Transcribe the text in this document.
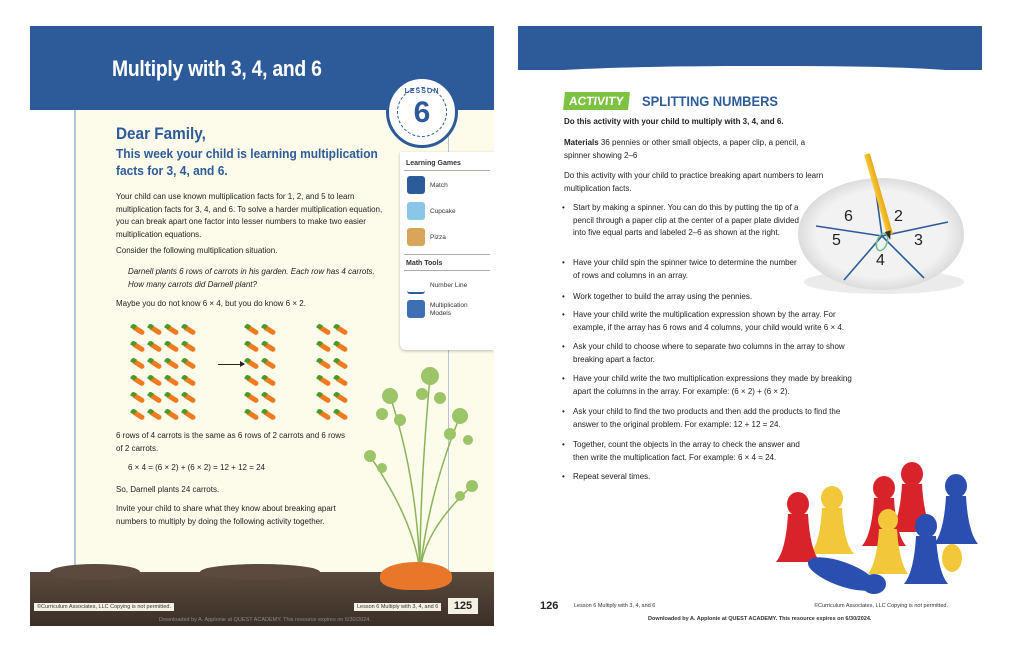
Multiply with 3, 4, and 6
LESSON
6
Dear Family,
This week your child is learning multiplication facts for 3, 4, and 6.
Your child can use known multiplication facts for 1, 2, and 5 to learn multiplication facts for 3, 4, and 6. To solve a harder multiplication equation, you can break apart one factor into lesser numbers to make two easier multiplication equations.
Consider the following multiplication situation.
Darnell plants 6 rows of carrots in his garden. Each row has 4 carrots. How many carrots did Darnell plant?
Maybe you do not know 6 × 4, but you do know 6 × 2.
6 rows of 4 carrots is the same as 6 rows of 2 carrots and 6 rows of 2 carrots.
6 × 4 = (6 × 2) + (6 × 2) = 12 + 12 = 24
So, Darnell plants 24 carrots.
Invite your child to share what they know about breaking apart numbers to multiply by doing the following activity together.
Learning Games
Match
Cupcake
Pizza
Math Tools
Number Line
Multiplication Models
©Curriculum Associates, LLC Copying is not permitted.	Lesson 6 Multiply with 3, 4, and 6	125
Downloaded by A. Applonie at QUEST ACADEMY. This resource expires on 6/30/2024.
ACTIVITY	SPLITTING NUMBERS
Do this activity with your child to multiply with 3, 4, and 6.
Materials 36 pennies or other small objects, a paper clip, a pencil, a spinner showing 2–6
Do this activity with your child to practice breaking apart numbers to learn multiplication facts.
• Start by making a spinner. You can do this by putting the tip of a pencil through a paper clip at the center of a paper plate divided into five equal parts and labeled 2–6 as shown at the right.
• Have your child spin the spinner twice to determine the number of rows and columns in an array.
• Work together to build the array using the pennies.
• Have your child write the multiplication expression shown by the array. For example, if the array has 6 rows and 4 columns, your child would write 6 × 4.
• Ask your child to choose where to separate two columns in the array to show breaking apart a factor.
• Have your child write the two multiplication expressions they made by breaking apart the columns in the array. For example: (6 × 2) + (6 × 2).
• Ask your child to find the two products and then add the products to find the answer to the original problem. For example: 12 + 12 = 24.
• Together, count the objects in the array to check the answer and then write the multiplication fact. For example: 6 × 4 = 24.
• Repeat several times.
6	2
5	3
4
126	Lesson 6 Multiply with 3, 4, and 6	©Curriculum Associates, LLC Copying is not permitted.
Downloaded by A. Applonie at QUEST ACADEMY. This resource expires on 6/30/2024.
